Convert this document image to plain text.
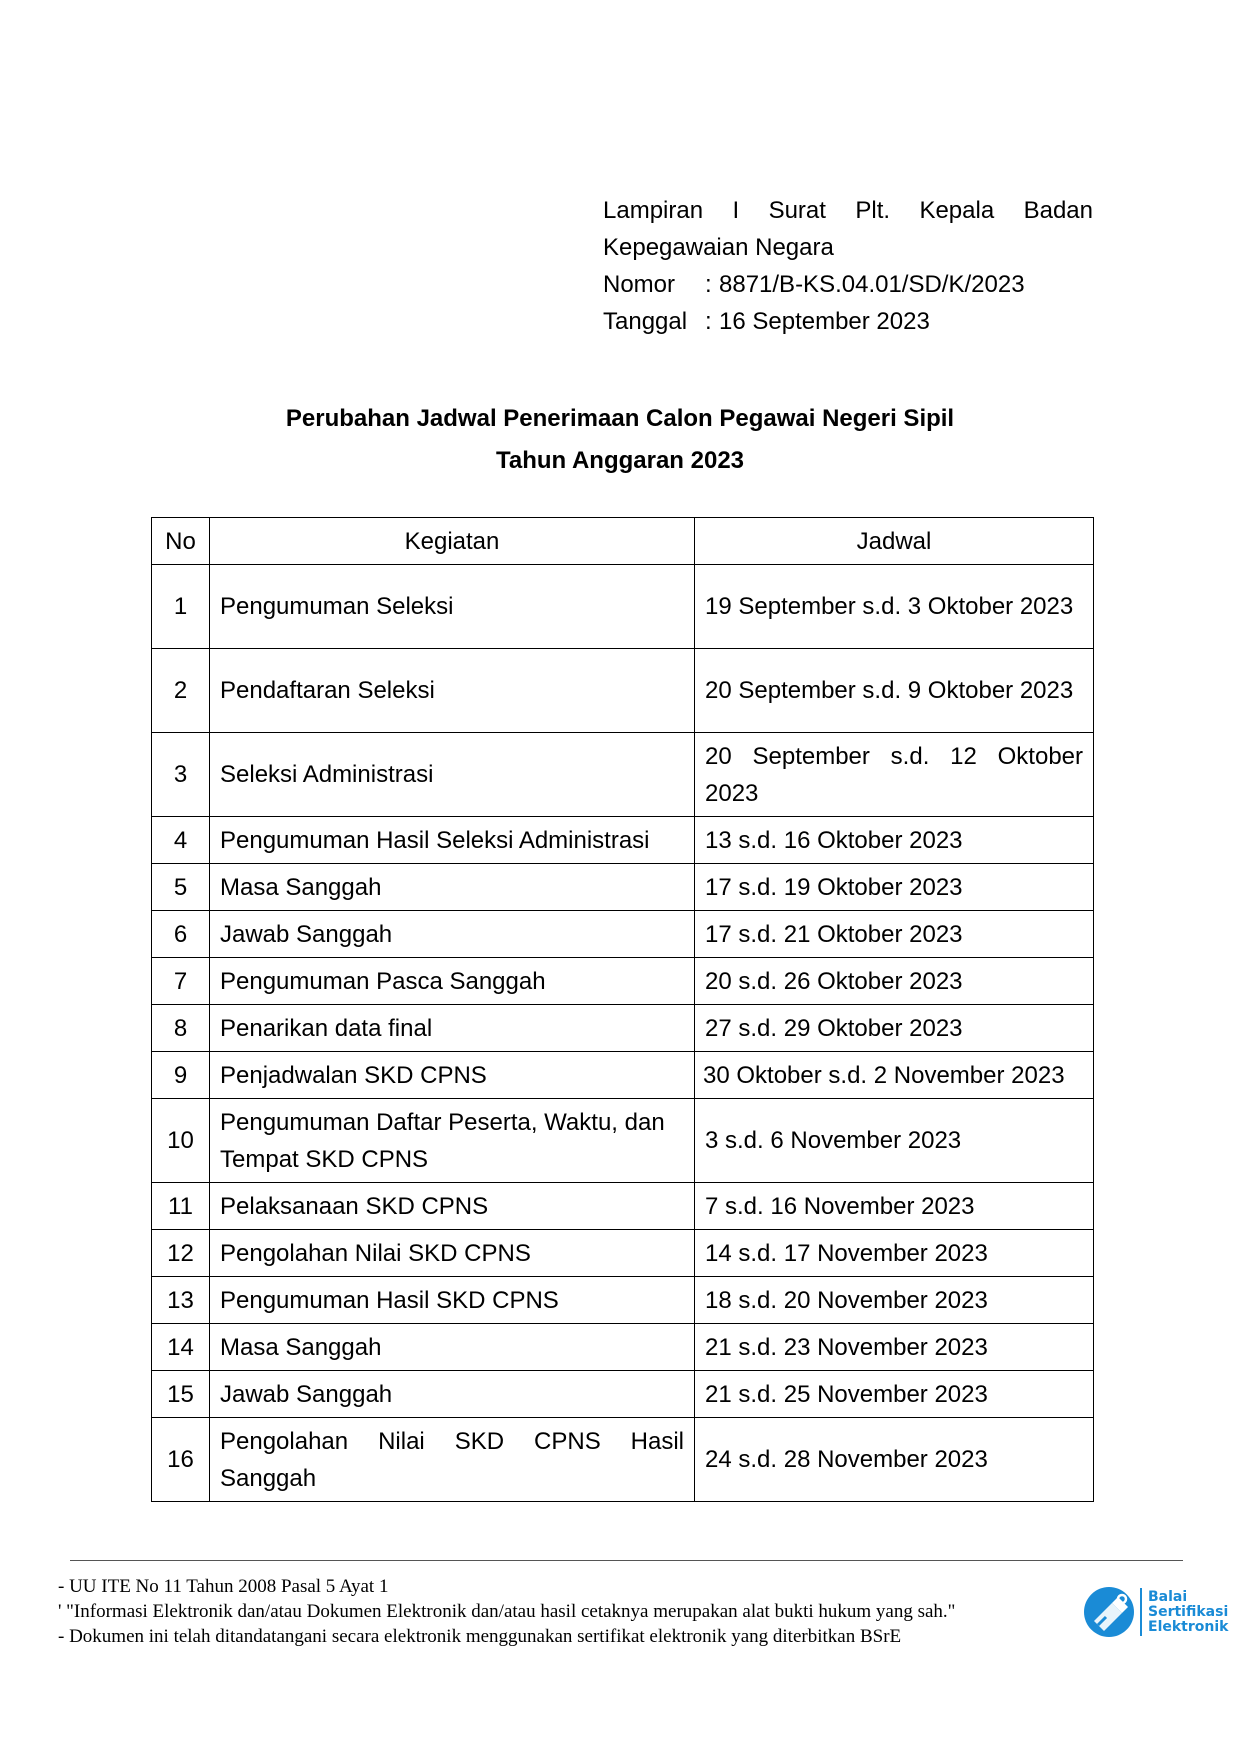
Lampiran I Surat Plt. Kepala Badan
Kepegawaian Negara
Nomor	: 8871/B-KS.04.01/SD/K/2023
Tanggal : 16 September 2023
Perubahan Jadwal Penerimaan Calon Pegawai Negeri Sipil
Tahun Anggaran 2023
No	Kegiatan	Jadwal
1	Pengumuman Seleksi	19 September s.d. 3 Oktober 2023
2	Pendaftaran Seleksi	20 September s.d. 9 Oktober 2023
3	Seleksi Administrasi	20 September s.d. 12 Oktober 2023
4	Pengumuman Hasil Seleksi Administrasi	13 s.d. 16 Oktober 2023
5	Masa Sanggah	17 s.d. 19 Oktober 2023
6	Jawab Sanggah	17 s.d. 21 Oktober 2023
7	Pengumuman Pasca Sanggah	20 s.d. 26 Oktober 2023
8	Penarikan data final	27 s.d. 29 Oktober 2023
9	Penjadwalan SKD CPNS	30 Oktober s.d. 2 November 2023
10	Pengumuman Daftar Peserta, Waktu, dan Tempat SKD CPNS	3 s.d. 6 November 2023
11	Pelaksanaan SKD CPNS	7 s.d. 16 November 2023
12	Pengolahan Nilai SKD CPNS	14 s.d. 17 November 2023
13	Pengumuman Hasil SKD CPNS	18 s.d. 20 November 2023
14	Masa Sanggah	21 s.d. 23 November 2023
15	Jawab Sanggah	21 s.d. 25 November 2023
16	Pengolahan Nilai SKD CPNS Hasil Sanggah	24 s.d. 28 November 2023
- UU ITE No 11 Tahun 2008 Pasal 5 Ayat 1
' "Informasi Elektronik dan/atau Dokumen Elektronik dan/atau hasil cetaknya merupakan alat bukti hukum yang sah."
- Dokumen ini telah ditandatangani secara elektronik menggunakan sertifikat elektronik yang diterbitkan BSrE
Balai
Sertifikasi
Elektronik
